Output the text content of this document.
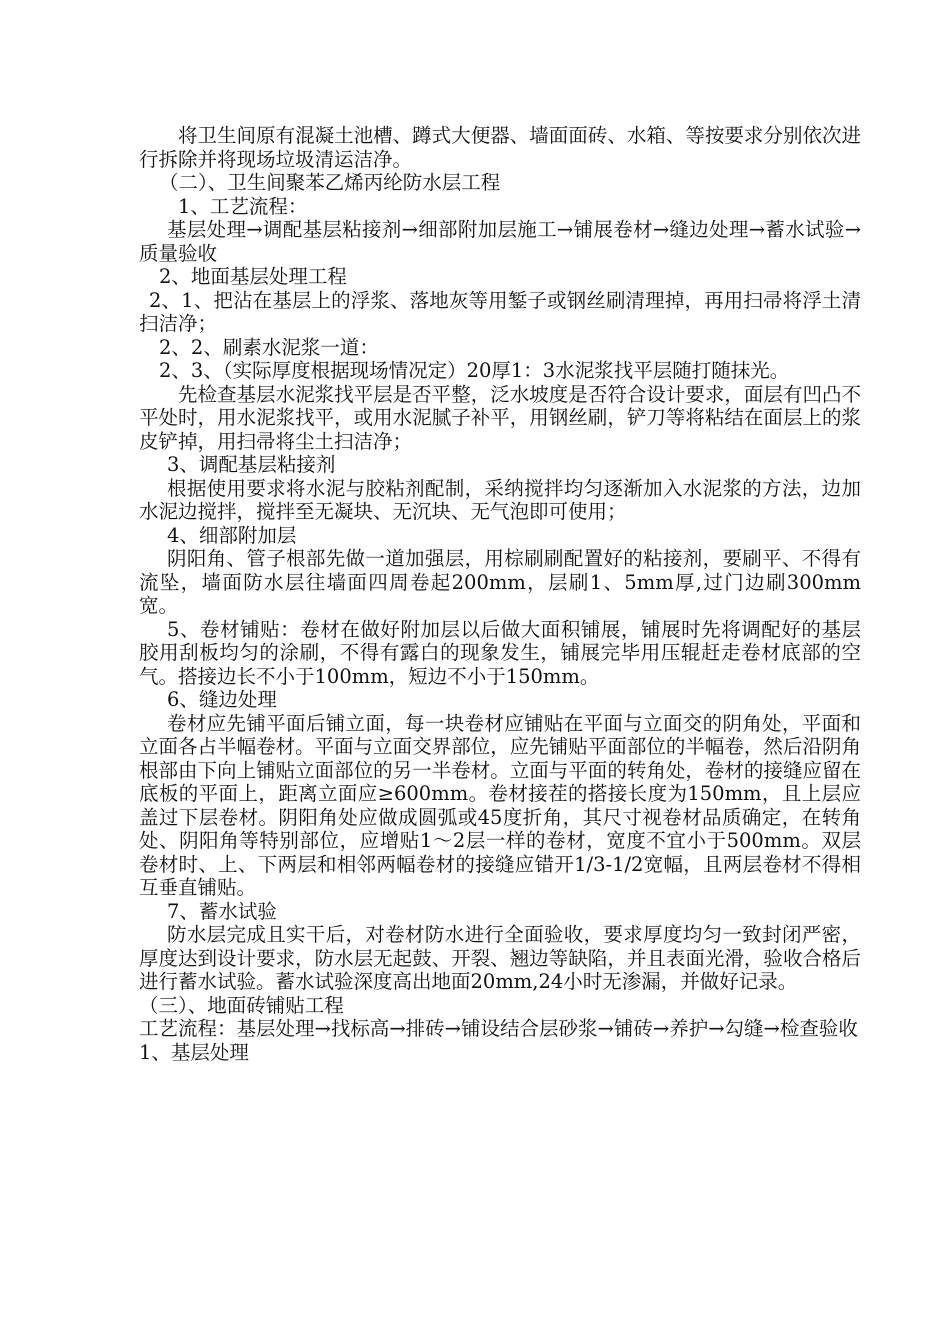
将卫生间原有混凝土池槽、蹲式大便器、墙面面砖、水箱、等按要求分别依次进行拆除并将现场垃圾清运洁净。

（二）、卫生间聚苯乙烯丙纶防水层工程

1、工艺流程：

基层处理→调配基层粘接剂→细部附加层施工→铺展卷材→缝边处理→蓄水试验→质量验收

2、地面基层处理工程

2、1、把沾在基层上的浮浆、落地灰等用錾子或钢丝刷清理掉，再用扫帚将浮土清扫洁净；

2、2、刷素水泥浆一道：

2、3、（实际厚度根据现场情况定）20厚1：3水泥浆找平层随打随抹光。

先检查基层水泥浆找平层是否平整，泛水坡度是否符合设计要求，面层有凹凸不平处时，用水泥浆找平，或用水泥腻子补平，用钢丝刷，铲刀等将粘结在面层上的浆皮铲掉，用扫帚将尘土扫洁净；

3、调配基层粘接剂

根据使用要求将水泥与胶粘剂配制，采纳搅拌均匀逐渐加入水泥浆的方法，边加水泥边搅拌，搅拌至无凝块、无沉块、无气泡即可使用；

4、细部附加层

阴阳角、管子根部先做一道加强层，用棕刷刷配置好的粘接剂，要刷平、不得有流坠，墙面防水层往墙面四周卷起200mm，层刷1、5mm厚,过门边刷300mm宽。

5、卷材铺贴：卷材在做好附加层以后做大面积铺展，铺展时先将调配好的基层胶用刮板均匀的涂刷，不得有露白的现象发生，铺展完毕用压辊赶走卷材底部的空气。搭接边长不小于100mm，短边不小于150mm。

6、缝边处理

卷材应先铺平面后铺立面，每一块卷材应铺贴在平面与立面交的阴角处，平面和立面各占半幅卷材。平面与立面交界部位，应先铺贴平面部位的半幅卷，然后沿阴角根部由下向上铺贴立面部位的另一半卷材。立面与平面的转角处，卷材的接缝应留在底板的平面上，距离立面应≥600mm。卷材接茬的搭接长度为150mm，且上层应盖过下层卷材。阴阳角处应做成圆弧或45度折角，其尺寸视卷材品质确定，在转角处、阴阳角等特别部位，应增贴1～2层一样的卷材，宽度不宜小于500mm。双层卷材时、上、下两层和相邻两幅卷材的接缝应错开1/3-1/2宽幅，且两层卷材不得相互垂直铺贴。

7、蓄水试验

防水层完成且实干后，对卷材防水进行全面验收，要求厚度均匀一致封闭严密，厚度达到设计要求，防水层无起鼓、开裂、翘边等缺陷，并且表面光滑，验收合格后进行蓄水试验。蓄水试验深度高出地面20mm,24小时无渗漏，并做好记录。

（三）、地面砖铺贴工程

工艺流程：基层处理→找标高→排砖→铺设结合层砂浆→铺砖→养护→勾缝→检查验收

1、基层处理
